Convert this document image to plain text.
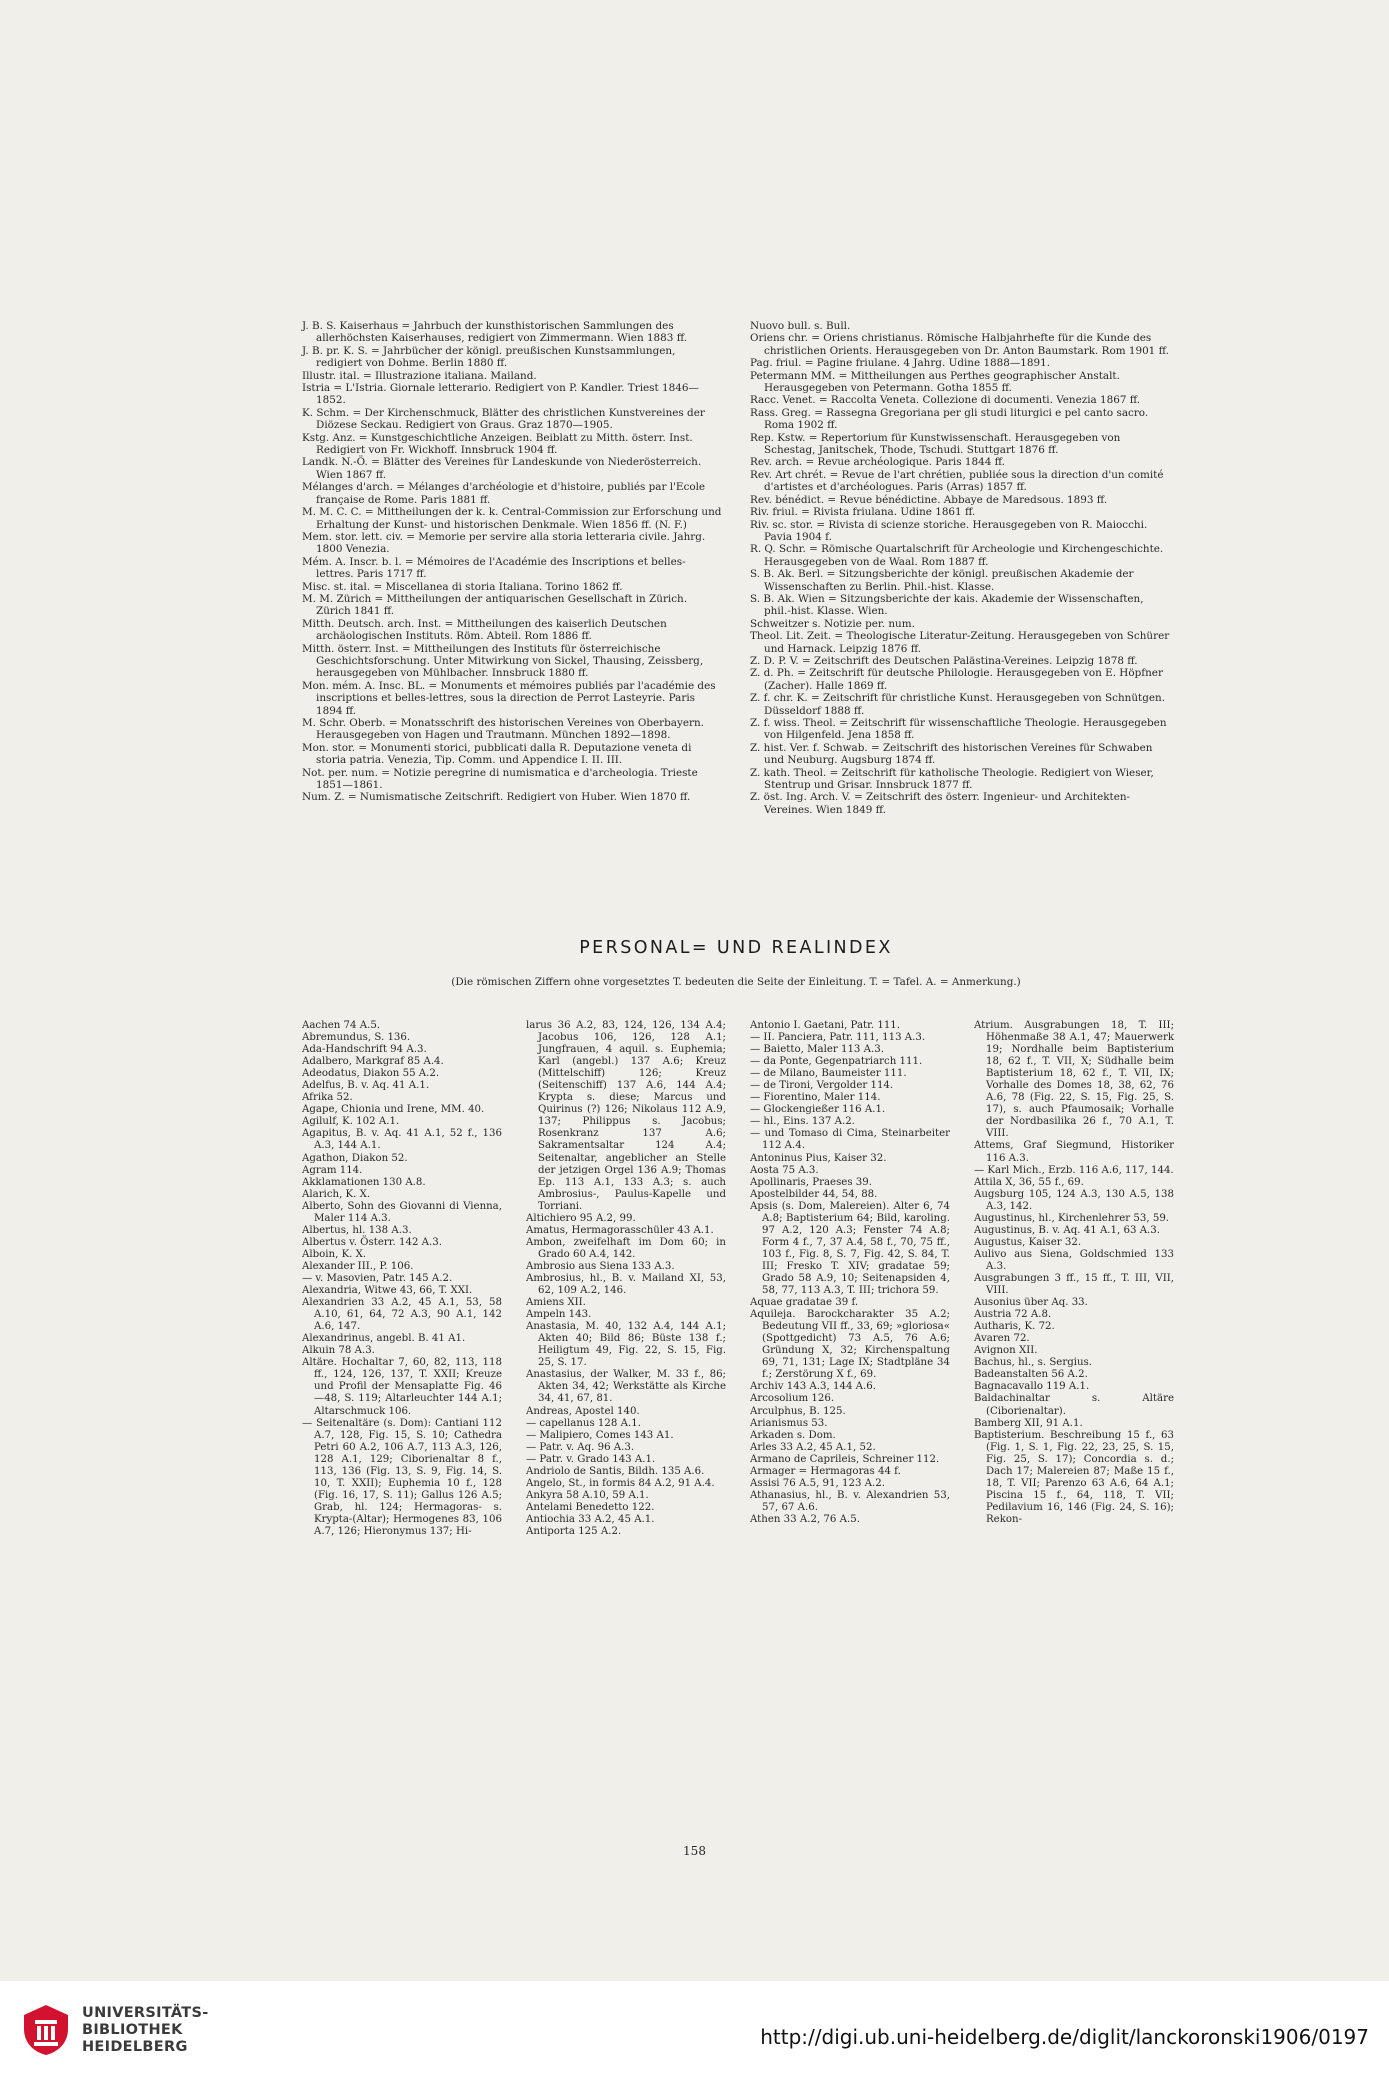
J. B. S. Kaiserhaus = Jahrbuch der kunsthistorischen Sammlungen des allerhöchsten Kaiserhauses, redigiert von Zimmermann. Wien 1883 ff.

J. B. pr. K. S. = Jahrbücher der königl. preußischen Kunstsammlungen, redigiert von Dohme. Berlin 1880 ff.

Illustr. ital. = Illustrazione italiana. Mailand.

Istria = L'Istria. Giornale letterario. Redigiert von P. Kandler. Triest 1846—1852.

K. Schm. = Der Kirchenschmuck, Blätter des christlichen Kunstvereines der Diözese Seckau. Redigiert von Graus. Graz 1870—1905.

Kstg. Anz. = Kunstgeschichtliche Anzeigen. Beiblatt zu Mitth. österr. Inst. Redigiert von Fr. Wickhoff. Innsbruck 1904 ff.

Landk. N.-Ö. = Blätter des Vereines für Landeskunde von Niederösterreich. Wien 1867 ff.

Mélanges d'arch. = Mélanges d'archéologie et d'histoire, publiés par l'Ecole française de Rome. Paris 1881 ff.

M. M. C. C. = Mittheilungen der k. k. Central-Commission zur Erforschung und Erhaltung der Kunst- und historischen Denkmale. Wien 1856 ff. (N. F.)

Mem. stor. lett. civ. = Memorie per servire alla storia letteraria civile. Jahrg. 1800 Venezia.

Mém. A. Inscr. b. l. = Mémoires de l'Académie des Inscriptions et belles-lettres. Paris 1717 ff.

Misc. st. ital. = Miscellanea di storia Italiana. Torino 1862 ff.

M. M. Zürich = Mittheilungen der antiquarischen Gesellschaft in Zürich. Zürich 1841 ff.

Mitth. Deutsch. arch. Inst. = Mittheilungen des kaiserlich Deutschen archäologischen Instituts. Röm. Abteil. Rom 1886 ff.

Mitth. österr. Inst. = Mittheilungen des Instituts für österreichische Geschichtsforschung. Unter Mitwirkung von Sickel, Thausing, Zeissberg, herausgegeben von Mühlbacher. Innsbruck 1880 ff.

Mon. mém. A. Insc. BL. = Monuments et mémoires publiés par l'académie des inscriptions et belles-lettres, sous la direction de Perrot Lasteyrie. Paris 1894 ff.

M. Schr. Oberb. = Monatsschrift des historischen Vereines von Oberbayern. Herausgegeben von Hagen und Trautmann. München 1892—1898.

Mon. stor. = Monumenti storici, pubblicati dalla R. Deputazione veneta di storia patria. Venezia, Tip. Comm. und Appendice I. II. III.

Not. per. num. = Notizie peregrine di numismatica e d'archeologia. Trieste 1851—1861.

Num. Z. = Numismatische Zeitschrift. Redigiert von Huber. Wien 1870 ff.

Nuovo bull. s. Bull.

Oriens chr. = Oriens christianus. Römische Halbjahrhefte für die Kunde des christlichen Orients. Herausgegeben von Dr. Anton Baumstark. Rom 1901 ff.

Pag. friul. = Pagine friulane. 4 Jahrg. Udine 1888—1891.

Petermann MM. = Mittheilungen aus Perthes geographischer Anstalt. Herausgegeben von Petermann. Gotha 1855 ff.

Racc. Venet. = Raccolta Veneta. Collezione di documenti. Venezia 1867 ff.

Rass. Greg. = Rassegna Gregoriana per gli studi liturgici e pel canto sacro. Roma 1902 ff.

Rep. Kstw. = Repertorium für Kunstwissenschaft. Herausgegeben von Schestag, Janitschek, Thode, Tschudi. Stuttgart 1876 ff.

Rev. arch. = Revue archéologique. Paris 1844 ff.

Rev. Art chrét. = Revue de l'art chrétien, publiée sous la direction d'un comité d'artistes et d'archéologues. Paris (Arras) 1857 ff.

Rev. bénédict. = Revue bénédictine. Abbaye de Maredsous. 1893 ff.

Riv. friul. = Rivista friulana. Udine 1861 ff.

Riv. sc. stor. = Rivista di scienze storiche. Herausgegeben von R. Maiocchi. Pavia 1904 f.

R. Q. Schr. = Römische Quartalschrift für Archeologie und Kirchengeschichte. Herausgegeben von de Waal. Rom 1887 ff.

S. B. Ak. Berl. = Sitzungsberichte der königl. preußischen Akademie der Wissenschaften zu Berlin. Phil.-hist. Klasse.

S. B. Ak. Wien = Sitzungsberichte der kais. Akademie der Wissenschaften, phil.-hist. Klasse. Wien.

Schweitzer s. Notizie per. num.

Theol. Lit. Zeit. = Theologische Literatur-Zeitung. Herausgegeben von Schürer und Harnack. Leipzig 1876 ff.

Z. D. P. V. = Zeitschrift des Deutschen Palästina-Vereines. Leipzig 1878 ff.

Z. d. Ph. = Zeitschrift für deutsche Philologie. Herausgegeben von E. Höpfner (Zacher). Halle 1869 ff.

Z. f. chr. K. = Zeitschrift für christliche Kunst. Herausgegeben von Schnütgen. Düsseldorf 1888 ff.

Z. f. wiss. Theol. = Zeitschrift für wissenschaftliche Theologie. Herausgegeben von Hilgenfeld. Jena 1858 ff.

Z. hist. Ver. f. Schwab. = Zeitschrift des historischen Vereines für Schwaben und Neuburg. Augsburg 1874 ff.

Z. kath. Theol. = Zeitschrift für katholische Theologie. Redigiert von Wieser, Stentrup und Grisar. Innsbruck 1877 ff.

Z. öst. Ing. Arch. V. = Zeitschrift des österr. Ingenieur- und Architekten-Vereines. Wien 1849 ff.

PERSONAL= UND REALINDEX
(Die römischen Ziffern ohne vorgesetztes T. bedeuten die Seite der Einleitung. T. = Tafel. A. = Anmerkung.)

Aachen 74 A.5.

Abremundus, S. 136.

Ada-Handschrift 94 A.3.

Adalbero, Markgraf 85 A.4.

Adeodatus, Diakon 55 A.2.

Adelfus, B. v. Aq. 41 A.1.

Afrika 52.

Agape, Chionia und Irene, MM. 40.

Agilulf, K. 102 A.1.

Agapitus, B. v. Aq. 41 A.1, 52 f., 136 A.3, 144 A.1.

Agathon, Diakon 52.

Agram 114.

Akklamationen 130 A.8.

Alarich, K. X.

Alberto, Sohn des Giovanni di Vienna, Maler 114 A.3.

Albertus, hl. 138 A.3.

Albertus v. Österr. 142 A.3.

Alboin, K. X.

Alexander III., P. 106.

— v. Masovien, Patr. 145 A.2.

Alexandria, Witwe 43, 66, T. XXI.

Alexandrien 33 A.2, 45 A.1, 53, 58 A.10, 61, 64, 72 A.3, 90 A.1, 142 A.6, 147.

Alexandrinus, angebl. B. 41 A1.

Alkuin 78 A.3.

Altäre. Hochaltar 7, 60, 82, 113, 118 ff., 124, 126, 137, T. XXII; Kreuze und Profil der Mensaplatte Fig. 46—48, S. 119; Altarleuchter 144 A.1; Altarschmuck 106.

— Seitenaltäre (s. Dom): Cantiani 112 A.7, 128, Fig. 15, S. 10; Cathedra Petri 60 A.2, 106 A.7, 113 A.3, 126, 128 A.1, 129; Ciborienaltar 8 f., 113, 136 (Fig. 13, S. 9, Fig. 14, S. 10, T. XXII); Euphemia 10 f., 128 (Fig. 16, 17, S. 11); Gallus 126 A.5; Grab, hl. 124; Hermagoras- s. Krypta-(Altar); Hermogenes 83, 106 A.7, 126; Hieronymus 137; Hi-

larus 36 A.2, 83, 124, 126, 134 A.4; Jacobus 106, 126, 128 A.1; Jungfrauen, 4 aquil. s. Euphemia; Karl (angebl.) 137 A.6; Kreuz (Mittelschiff) 126; Kreuz (Seitenschiff) 137 A.6, 144 A.4; Krypta s. diese; Marcus und Quirinus (?) 126; Nikolaus 112 A.9, 137; Philippus s. Jacobus; Rosenkranz 137 A.6; Sakramentsaltar 124 A.4; Seitenaltar, angeblicher an Stelle der jetzigen Orgel 136 A.9; Thomas Ep. 113 A.1, 133 A.3; s. auch Ambrosius-, Paulus-Kapelle und Torriani.

Altichiero 95 A.2, 99.

Amatus, Hermagorasschüler 43 A.1.

Ambon, zweifelhaft im Dom 60; in Grado 60 A.4, 142.

Ambrosio aus Siena 133 A.3.

Ambrosius, hl., B. v. Mailand XI, 53, 62, 109 A.2, 146.

Amiens XII.

Ampeln 143.

Anastasia, M. 40, 132 A.4, 144 A.1; Akten 40; Bild 86; Büste 138 f.; Heiligtum 49, Fig. 22, S. 15, Fig. 25, S. 17.

Anastasius, der Walker, M. 33 f., 86; Akten 34, 42; Werkstätte als Kirche 34, 41, 67, 81.

Andreas, Apostel 140.

— capellanus 128 A.1.

— Malipiero, Comes 143 A1.

— Patr. v. Aq. 96 A.3.

— Patr. v. Grado 143 A.1.

Andriolo de Santis, Bildh. 135 A.6.

Angelo, St., in formis 84 A.2, 91 A.4.

Ankyra 58 A.10, 59 A.1.

Antelami Benedetto 122.

Antiochia 33 A.2, 45 A.1.

Antiporta 125 A.2.

Antonio I. Gaetani, Patr. 111.

— II. Panciera, Patr. 111, 113 A.3.

— Baietto, Maler 113 A.3.

— da Ponte, Gegenpatriarch 111.

— de Milano, Baumeister 111.

— de Tironi, Vergolder 114.

— Fiorentino, Maler 114.

— Glockengießer 116 A.1.

— hl., Eins. 137 A.2.

— und Tomaso di Cima, Steinarbeiter 112 A.4.

Antoninus Pius, Kaiser 32.

Aosta 75 A.3.

Apollinaris, Praeses 39.

Apostelbilder 44, 54, 88.

Apsis (s. Dom, Malereien). Alter 6, 74 A.8; Baptisterium 64; Bild, karoling. 97 A.2, 120 A.3; Fenster 74 A.8; Form 4 f., 7, 37 A.4, 58 f., 70, 75 ff., 103 f., Fig. 8, S. 7, Fig. 42, S. 84, T. III; Fresko T. XIV; gradatae 59; Grado 58 A.9, 10; Seitenapsiden 4, 58, 77, 113 A.3, T. III; trichora 59.

Aquae gradatae 39 f.

Aquileja. Barockcharakter 35 A.2; Bedeutung VII ff., 33, 69; »gloriosa« (Spottgedicht) 73 A.5, 76 A.6; Gründung X, 32; Kirchenspaltung 69, 71, 131; Lage IX; Stadtpläne 34 f.; Zerstörung X f., 69.

Archiv 143 A.3, 144 A.6.

Arcosolium 126.

Arculphus, B. 125.

Arianismus 53.

Arkaden s. Dom.

Arles 33 A.2, 45 A.1, 52.

Armano de Caprileis, Schreiner 112.

Armager = Hermagoras 44 f.

Assisi 76 A.5, 91, 123 A.2.

Athanasius, hl., B. v. Alexandrien 53, 57, 67 A.6.

Athen 33 A.2, 76 A.5.

Atrium. Ausgrabungen 18, T. III; Höhenmaße 38 A.1, 47; Mauerwerk 19; Nordhalle beim Baptisterium 18, 62 f., T. VII, X; Südhalle beim Baptisterium 18, 62 f., T. VII, IX; Vorhalle des Domes 18, 38, 62, 76 A.6, 78 (Fig. 22, S. 15, Fig. 25, S. 17), s. auch Pfaumosaik; Vorhalle der Nordbasilika 26 f., 70 A.1, T. VIII.

Attems, Graf Siegmund, Historiker 116 A.3.

— Karl Mich., Erzb. 116 A.6, 117, 144.

Attila X, 36, 55 f., 69.

Augsburg 105, 124 A.3, 130 A.5, 138 A.3, 142.

Augustinus, hl., Kirchenlehrer 53, 59.

Augustinus, B. v. Aq. 41 A.1, 63 A.3.

Augustus, Kaiser 32.

Aulivo aus Siena, Goldschmied 133 A.3.

Ausgrabungen 3 ff., 15 ff., T. III, VII, VIII.

Ausonius über Aq. 33.

Austria 72 A.8.

Autharis, K. 72.

Avaren 72.

Avignon XII.

Bachus, hl., s. Sergius.

Badeanstalten 56 A.2.

Bagnacavallo 119 A.1.

Baldachinaltar s. Altäre (Ciborienaltar).

Bamberg XII, 91 A.1.

Baptisterium. Beschreibung 15 f., 63 (Fig. 1, S. 1, Fig. 22, 23, 25, S. 15, Fig. 25, S. 17); Concordia s. d.; Dach 17; Malereien 87; Maße 15 f., 18, T. VII; Parenzo 63 A.6, 64 A.1; Piscina 15 f., 64, 118, T. VII; Pedilavium 16, 146 (Fig. 24, S. 16); Rekon-

158
UNIVERSITÄTS-
BIBLIOTHEK
HEIDELBERG	http://digi.ub.uni-heidelberg.de/diglit/lanckoronski1906/0197
